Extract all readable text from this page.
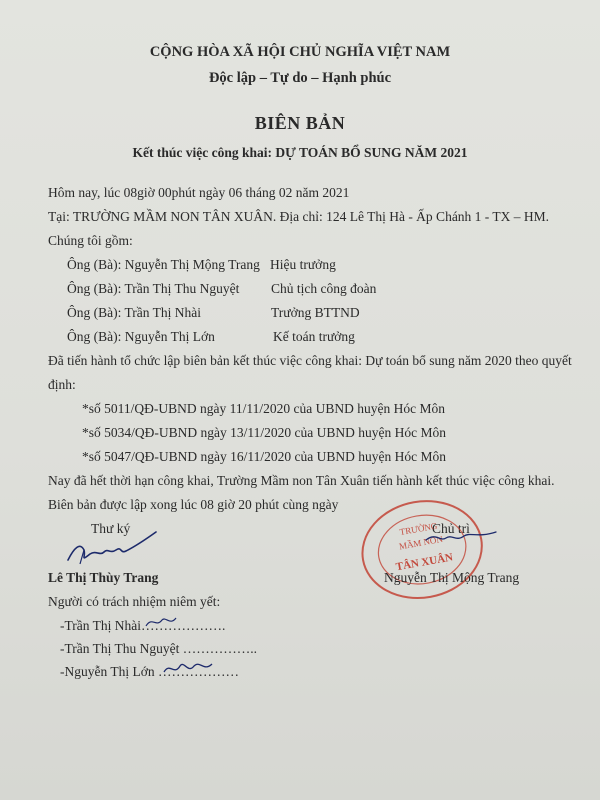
CỘNG HÒA XÃ HỘI CHỦ NGHĨA VIỆT NAM
Độc lập – Tự do – Hạnh phúc
BIÊN BẢN
Kết thúc việc công khai: DỰ TOÁN BỔ SUNG NĂM 2021
Hôm nay, lúc 08giờ 00phút ngày 06 tháng 02 năm 2021
Tại: TRƯỜNG MẦM NON TÂN XUÂN. Địa chỉ: 124 Lê Thị Hà - Ấp Chánh 1 - TX – HM.
Chúng tôi gồm:
Ông (Bà): Nguyễn Thị Mộng Trang Hiệu trưởng
Ông (Bà): Trần Thị Thu Nguyệt Chủ tịch công đoàn
Ông (Bà): Trần Thị Nhài	Trưởng BTTND
Ông (Bà): Nguyễn Thị Lớn	Kế toán trưởng
Đã tiến hành tổ chức lập biên bản kết thúc việc công khai: Dự toán bổ sung năm 2020 theo quyết
định:
*số 5011/QĐ-UBND ngày 11/11/2020 của UBND huyện Hóc Môn
*số 5034/QĐ-UBND ngày 13/11/2020 của UBND huyện Hóc Môn
*số 5047/QĐ-UBND ngày 16/11/2020 của UBND huyện Hóc Môn
Nay đã hết thời hạn công khai, Trường Mầm non Tân Xuân tiến hành kết thúc việc công khai.
Biên bản được lập xong lúc 08 giờ 20 phút cùng ngày
Thư ký	Chủ trì
TRƯỜNG
MẦM NON
TÂN XUÂN
Lê Thị Thùy Trang	Nguyễn Thị Mộng Trang
Người có trách nhiệm niêm yết:
-Trần Thị Nhài……………….
-Trần Thị Thu Nguyệt ……………..
-Nguyễn Thị Lớn ………………
